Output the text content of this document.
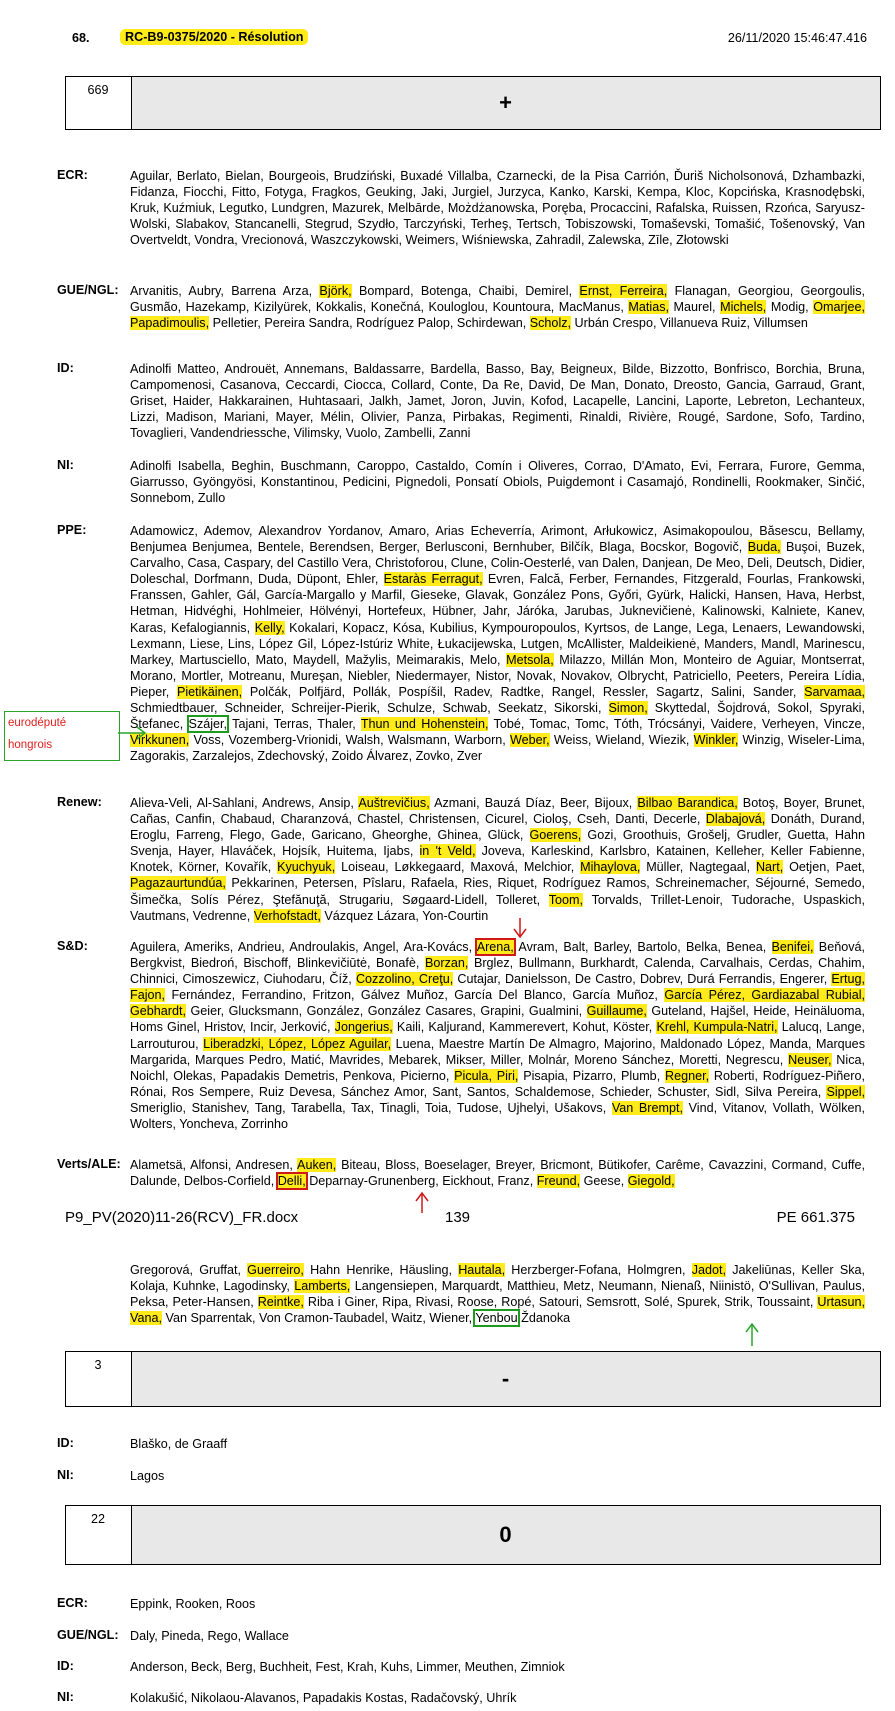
68.	RC-B9-0375/2020 - Résolution	26/11/2020 15:46:47.416
669	+
ECR:	Aguilar, Berlato, Bielan, Bourgeois, Brudziński, Buxadé Villalba, Czarnecki, de la Pisa Carrión, Ďuriš Nicholsonová, Dzhambazki, Fidanza, Fiocchi, Fitto, Fotyga, Fragkos, Geuking, Jaki, Jurgiel, Jurzyca, Kanko, Karski, Kempa, Kloc, Kopcińska, Krasnodębski, Kruk, Kuźmiuk, Legutko, Lundgren, Mazurek, Melbārde, Możdżanowska, Poręba, Procaccini, Rafalska, Ruissen, Rzońca, Saryusz-Wolski, Slabakov, Stancanelli, Stegrud, Szydło, Tarczyński, Terheş, Tertsch, Tobiszowski, Tomaševski, Tomašić, Tošenovský, Van Overtveldt, Vondra, Vrecionová, Waszczykowski, Weimers, Wiśniewska, Zahradil, Zalewska, Zīle, Złotowski
GUE/NGL: Arvanitis, Aubry, Barrena Arza, Björk, Bompard, Botenga, Chaibi, Demirel, Ernst, Ferreira, Flanagan, Georgiou, Georgoulis, Gusmão, Hazekamp, Kizilyürek, Kokkalis, Konečná, Kouloglou, Kountoura, MacManus, Matias, Maurel, Michels, Modig, Omarjee, Papadimoulis, Pelletier, Pereira Sandra, Rodríguez Palop, Schirdewan, Scholz, Urbán Crespo, Villanueva Ruiz, Villumsen
ID:	Adinolfi Matteo, Androuët, Annemans, Baldassarre, Bardella, Basso, Bay, Beigneux, Bilde, Bizzotto, Bonfrisco, Borchia, Bruna, Campomenosi, Casanova, Ceccardi, Ciocca, Collard, Conte, Da Re, David, De Man, Donato, Dreosto, Gancia, Garraud, Grant, Griset, Haider, Hakkarainen, Huhtasaari, Jalkh, Jamet, Joron, Juvin, Kofod, Lacapelle, Lancini, Laporte, Lebreton, Lechanteux, Lizzi, Madison, Mariani, Mayer, Mélin, Olivier, Panza, Pirbakas, Regimenti, Rinaldi, Rivière, Rougé, Sardone, Sofo, Tardino, Tovaglieri, Vandendriessche, Vilimsky, Vuolo, Zambelli, Zanni
NI:	Adinolfi Isabella, Beghin, Buschmann, Caroppo, Castaldo, Comín i Oliveres, Corrao, D'Amato, Evi, Ferrara, Furore, Gemma, Giarrusso, Gyöngyösi, Konstantinou, Pedicini, Pignedoli, Ponsatí Obiols, Puigdemont i Casamajó, Rondinelli, Rookmaker, Sinčić, Sonnebom, Zullo
PPE:	Adamowicz, Ademov, Alexandrov Yordanov, Amaro, Arias Echeverría, Arimont, Arłukowicz, Asimakopoulou, Băsescu, Bellamy, Benjumea Benjumea, Bentele, Berendsen, Berger, Berlusconi, Bernhuber, Bilčík, Blaga, Bocskor, Bogovič, Buda, Buşoi, Buzek, Carvalho, Casa, Caspary, del Castillo Vera, Christoforou, Clune, Colin-Oesterlé, van Dalen, Danjean, De Meo, Deli, Deutsch, Didier, Doleschal, Dorfmann, Duda, Düpont, Ehler, Estaràs Ferragut, Evren, Falcă, Ferber, Fernandes, Fitzgerald, Fourlas, Frankowski, Franssen, Gahler, Gál, García-Margallo y Marfil, Gieseke, Glavak, González Pons, Győri, Gyürk, Halicki, Hansen, Hava, Herbst, Hetman, Hidvéghi, Hohlmeier, Hölvényi, Hortefeux, Hübner, Jahr, Járóka, Jarubas, Juknevičienė, Kalinowski, Kalniete, Kanev, Karas, Kefalogiannis, Kelly, Kokalari, Kopacz, Kósa, Kubilius, Kympouropoulos, Kyrtsos, de Lange, Lega, Lenaers, Lewandowski, Lexmann, Liese, Lins, López Gil, López-Istúriz White, Łukacijewska, Lutgen, McAllister, Maldeikienė, Manders, Mandl, Marinescu, Markey, Martusciello, Mato, Maydell, Mažylis, Meimarakis, Melo, Metsola, Milazzo, Millán Mon, Monteiro de Aguiar, Montserrat, Morano, Mortler, Motreanu, Mureşan, Niebler, Niedermayer, Nistor, Novak, Novakov, Olbrycht, Patriciello, Peeters, Pereira Lídia, Pieper, Pietikäinen, Polčák, Polfjärd, Pollák, Pospíšil, Radev, Radtke, Rangel, Ressler, Sagartz, Salini, Sander, Sarvamaa, Schmiedtbauer, Schneider, Schreijer-Pierik, Schulze, Schwab, Seekatz, Sikorski, Simon, Skyttedal, Šojdrová, Sokol, Spyraki, Štefanec, Szájer, Tajani, Terras, Thaler, Thun und Hohenstein, Tobé, Tomac, Tomc, Tóth, Trócsányi, Vaidere, Verheyen, Vincze, Virkkunen, Voss, Vozemberg-Vrionidi, Walsh, Walsmann, Warborn, Weber, Weiss, Wieland, Wiezik, Winkler, Winzig, Wiseler-Lima, Zagorakis, Zarzalejos, Zdechovský, Zoido Álvarez, Zovko, Zver
eurodéputé
hongrois
Renew:	Alieva-Veli, Al-Sahlani, Andrews, Ansip, Auštrevičius, Azmani, Bauzá Díaz, Beer, Bijoux, Bilbao Barandica, Botoş, Boyer, Brunet, Cañas, Canfin, Chabaud, Charanzová, Chastel, Christensen, Cicurel, Cioloş, Cseh, Danti, Decerle, Dlabajová, Donáth, Durand, Eroglu, Farreng, Flego, Gade, Garicano, Gheorghe, Ghinea, Glück, Goerens, Gozi, Grooth​uis, Grošelj, Grudler, Guetta, Hahn Svenja, Hayer, Hlaváček, Hojsík, Huitema, Ijabs, in 't Veld, Joveva, Karleskind, Karlsbro, Katainen, Kelleher, Keller Fabienne, Knotek, Körner, Kovařík, Kyuchyuk, Loiseau, Løkkegaard, Maxová, Melchior, Mihaylova, Müller, Nagtegaal, Nart, Oetjen, Paet, Pagazaurtundúa, Pekkarinen, Petersen, Pîslaru, Rafaela, Ries, Riquet, Rodríguez Ramos, Schreinemacher, Séjourné, Semedo, Šimečka, Solís Pérez, Ştefănuţă, Strugariu, Søgaard-Lidell, Tolleret, Toom, Torvalds, Trillet-Lenoir, Tudorache, Uspaskich, Vautmans, Vedrenne, Verhofstadt, Vázquez Lázara, Yon-Courtin
S&D:	Aguilera, Ameriks, Andrieu, Androulakis, Angel, Ara-Kovács, Arena, Avram, Balt, Barley, Bartolo, Belka, Benea, Benifei, Beňová, Bergkvist, Biedroń, Bischoff, Blinkevičiūtė, Bonafè, Borzan, Brglez, Bullmann, Burkhardt, Calenda, Carvalhais, Cerdas, Chahim, Chinnici, Cimoszewicz, Ciuhodaru, Číž, Cozzolino, Creţu, Cutajar, Danielsson, De Castro, Dobrev, Durá Ferrandis, Engerer, Ertug, Fajon, Fernández, Ferrandino, Fritzon, Gálvez Muñoz, García Del Blanco, García Muñoz, García Pérez, Gardiazabal Rubial, Gebhardt, Geier, Glucksmann, González, González Casares, Grapini, Gualmini, Guillaume, Guteland, Hajšel, Heide, Heinäluoma, Homs Ginel, Hristov, Incir, Jerković, Jongerius, Kaili, Kaljurand, Kammerevert, Kohut, Köster, Krehl, Kumpula-Natri, Lalucq, Lange, Larrouturou, Liberadzki, López, López Aguilar, Luena, Maestre Martín De Almagro, Majorino, Maldonado López, Manda, Marques Margarida, Marques Pedro, Matić, Mavrides, Mebarek, Mikser, Miller, Molnár, Moreno Sánchez, Moretti, Negrescu, Neuser, Nica, Noichl, Olekas, Papadakis Demetris, Penkova, Picierno, Picula, Piri, Pisapia, Pizarro, Plumb, Regner, Roberti, Rodríguez-Piñero, Rónai, Ros Sempere, Ruiz Devesa, Sánchez Amor, Sant, Santos, Schaldemose, Schieder, Schuster, Sidl, Silva Pereira, Sippel, Smeriglio, Stanishev, Tang, Tarabella, Tax, Tinagli, Toia, Tudose, Ujhelyi, Ušakovs, Van Brempt, Vind, Vitanov, Vollath, Wölken, Wolters, Yoncheva, Zorrinho
Verts/ALE: Alametsä, Alfonsi, Andresen, Auken, Biteau, Bloss, Boeselager, Breyer, Bricmont, Bütikofer, Carême, Cavazzini, Cormand, Cuffe, Dalunde, Delbos-Corfield, Delli, Deparnay-Grunenberg, Eickhout, Franz, Freund, Geese, Giegold,
P9_PV(2020)11-26(RCV)_FR.docx	139	PE 661.375
Gregorová, Gruffat, Guerreiro, Hahn Henrike, Häusling, Hautala, Herzberger-Fofana, Holmgren, Jadot, Jakeliūnas, Keller Ska, Kolaja, Kuhnke, Lagodinsky, Lamberts, Langensiepen, Marquardt, Matthieu, Metz, Neumann, Nienaß, Niinistö, O'Sullivan, Paulus, Peksa, Peter-Hansen, Reintke, Riba i Giner, Ripa, Rivasi, Roose, Ropé, Satouri, Semsrott, Solé, Spurek, Strik, Toussaint, Urtasun, Vana, Van Sparrentak, Von Cramon-Taubadel, Waitz, Wiener, Yenbou Ždanoka
3
-
ID:	Blaško, de Graaff
NI:	Lagos
22
0
ECR:	Eppink, Rooken, Roos
GUE/NGL: Daly, Pineda, Rego, Wallace
ID:	Anderson, Beck, Berg, Buchheit, Fest, Krah, Kuhs, Limmer, Meuthen, Zimniok
NI:	Kolakušić, Nikolaou-Alavanos, Papadakis Kostas, Radačovský, Uhrík
